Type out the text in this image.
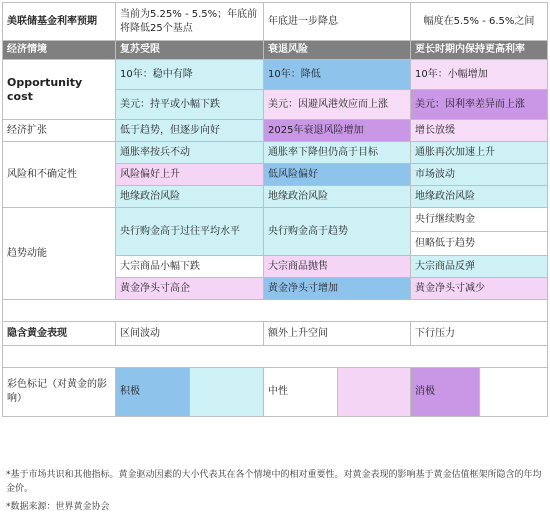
美联储基金利率预期	当前为5.25% - 5.5%；年底前将降低25个基点		年底进一步降息		幅度在5.5% - 6.5%之间	
经济情境	复苏受限		衰退风险		更长时期内保持更高利率	
Opportunity cost	10年：稳中有降		10年：降低		10年：小幅增加	
	美元：持平或小幅下跌		美元：因避风港效应而上涨		美元：因利率差异而上涨	
经济扩张	低于趋势，但逐步向好		2025年衰退风险增加		增长放缓	
风险和不确定性	通胀率按兵不动		通胀率下降但仍高于目标		通胀再次加速上升	
	风险偏好上升		低风险偏好		市场波动	
	地缘政治风险		地缘政治风险		地缘政治风险	
趋势动能	央行购金高于过往平均水平		央行购金高于趋势		央行继续购金	
					但略低于趋势	
	大宗商品小幅下跌		大宗商品抛售		大宗商品反弹	
	黄金净头寸高企		黄金净头寸增加		黄金净头寸减少	

隐含黄金表现	区间波动		额外上升空间		下行压力	

彩色标记（对黄金的影响）	积极		中性		消极	
*基于市场共识和其他指标。黄金驱动因素的大小代表其在各个情境中的相对重要性。对黄金表现的影响基于黄金估值框架所隐含的年均金价。
*数据来源：世界黄金协会
